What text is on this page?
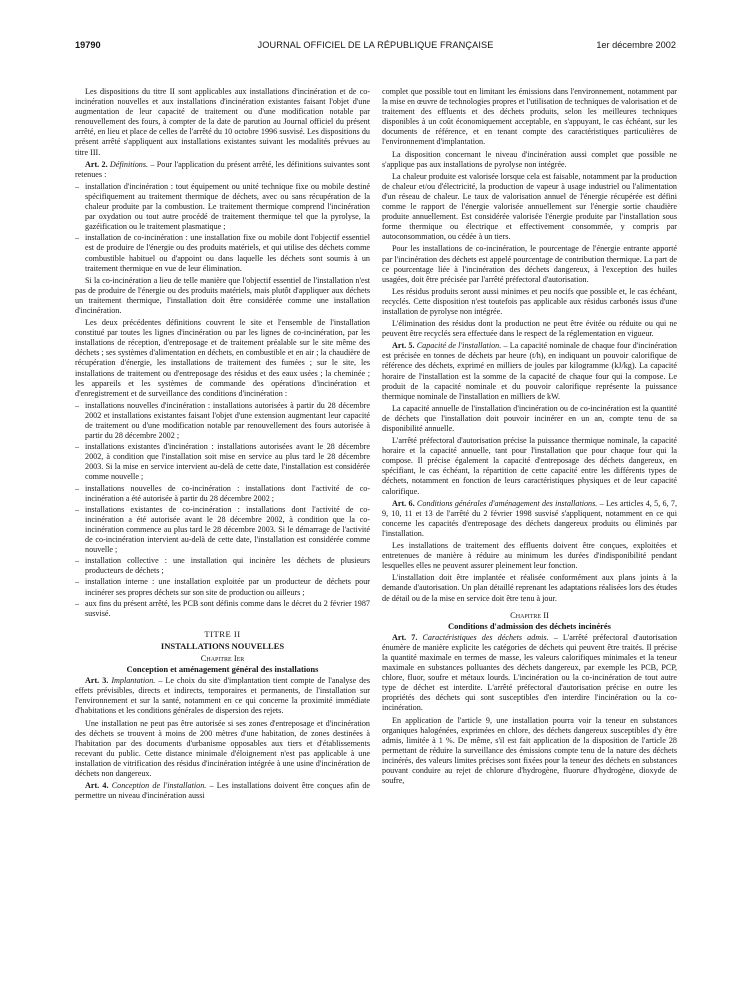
19790	JOURNAL OFFICIEL DE LA RÉPUBLIQUE FRANÇAISE	1er décembre 2002

Les dispositions du titre II sont applicables aux installations d'incinération et de co-incinération nouvelles et aux installations d'incinération existantes faisant l'objet d'une augmentation de leur capacité de traitement ou d'une modification notable par renouvellement des fours, à compter de la date de parution au Journal officiel du présent arrêté, en lieu et place de celles de l'arrêté du 10 octobre 1996 susvisé. Les dispositions du présent arrêté s'appliquent aux installations existantes suivant les modalités prévues au titre III.

Art. 2. Définitions. – Pour l'application du présent arrêté, les définitions suivantes sont retenues :

– installation d'incinération : tout équipement ou unité technique fixe ou mobile destiné spécifiquement au traitement thermique de déchets, avec ou sans récupération de la chaleur produite par la combustion. Le traitement thermique comprend l'incinération par oxydation ou tout autre procédé de traitement thermique tel que la pyrolyse, la gazéification ou le traitement plasmatique ;
– installation de co-incinération : une installation fixe ou mobile dont l'objectif essentiel est de produire de l'énergie ou des produits matériels, et qui utilise des déchets comme combustible habituel ou d'appoint ou dans laquelle les déchets sont soumis à un traitement thermique en vue de leur élimination.

Si la co-incinération a lieu de telle manière que l'objectif essentiel de l'installation n'est pas de produire de l'énergie ou des produits matériels, mais plutôt d'appliquer aux déchets un traitement thermique, l'installation doit être considérée comme une installation d'incinération.

Les deux précédentes définitions couvrent le site et l'ensemble de l'installation constitué par toutes les lignes d'incinération ou par les lignes de co-incinération, par les installations de réception, d'entreposage et de traitement préalable sur le site même des déchets ; ses systèmes d'alimentation en déchets, en combustible et en air ; la chaudière de récupération d'énergie, les installations de traitement des fumées ; sur le site, les installations de traitement ou d'entreposage des résidus et des eaux usées ; la cheminée ; les appareils et les systèmes de commande des opérations d'incinération et d'enregistrement et de surveillance des conditions d'incinération :

– installations nouvelles d'incinération : installations autorisées à partir du 28 décembre 2002 et installations existantes faisant l'objet d'une extension augmentant leur capacité de traitement ou d'une modification notable par renouvellement des fours autorisée à partir du 28 décembre 2002 ;
– installations existantes d'incinération : installations autorisées avant le 28 décembre 2002, à condition que l'installation soit mise en service au plus tard le 28 décembre 2003. Si la mise en service intervient au-delà de cette date, l'installation est considérée comme nouvelle ;
– installations nouvelles de co-incinération : installations dont l'activité de co-incinération a été autorisée à partir du 28 décembre 2002 ;
– installations existantes de co-incinération : installations dont l'activité de co-incinération a été autorisée avant le 28 décembre 2002, à condition que la co-incinération commence au plus tard le 28 décembre 2003. Si le démarrage de l'activité de co-incinération intervient au-delà de cette date, l'installation est considérée comme nouvelle ;
– installation collective : une installation qui incinère les déchets de plusieurs producteurs de déchets ;
– installation interne : une installation exploitée par un producteur de déchets pour incinérer ses propres déchets sur son site de production ou ailleurs ;
– aux fins du présent arrêté, les PCB sont définis comme dans le décret du 2 février 1987 susvisé.
TITRE II
INSTALLATIONS NOUVELLES
Chapitre Ier
Conception et aménagement général des installations

Art. 3. Implantation. – Le choix du site d'implantation tient compte de l'analyse des effets prévisibles, directs et indirects, temporaires et permanents, de l'installation sur l'environnement et sur la santé, notamment en ce qui concerne la proximité immédiate d'habitations et les conditions générales de dispersion des rejets.

Une installation ne peut pas être autorisée si ses zones d'entreposage et d'incinération des déchets se trouvent à moins de 200 mètres d'une habitation, de zones destinées à l'habitation par des documents d'urbanisme opposables aux tiers et d'établissements recevant du public. Cette distance minimale d'éloignement n'est pas applicable à une installation de vitrification des résidus d'incinération intégrée à une usine d'incinération de déchets non dangereux.

Art. 4. Conception de l'installation. – Les installations doivent être conçues afin de permettre un niveau d'incinération aussi

complet que possible tout en limitant les émissions dans l'environnement, notamment par la mise en œuvre de technologies propres et l'utilisation de techniques de valorisation et de traitement des effluents et des déchets produits, selon les meilleures techniques disponibles à un coût économiquement acceptable, en s'appuyant, le cas échéant, sur les documents de référence, et en tenant compte des caractéristiques particulières de l'environnement d'implantation.

La disposition concernant le niveau d'incinération aussi complet que possible ne s'applique pas aux installations de pyrolyse non intégrée.

La chaleur produite est valorisée lorsque cela est faisable, notamment par la production de chaleur et/ou d'électricité, la production de vapeur à usage industriel ou l'alimentation d'un réseau de chaleur. Le taux de valorisation annuel de l'énergie récupérée est défini comme le rapport de l'énergie valorisée annuellement sur l'énergie sortie chaudière produite annuellement. Est considérée valorisée l'énergie produite par l'installation sous forme thermique ou électrique et effectivement consommée, y compris par autoconsommation, ou cédée à un tiers.

Pour les installations de co-incinération, le pourcentage de l'énergie entrante apporté par l'incinération des déchets est appelé pourcentage de contribution thermique. La part de ce pourcentage liée à l'incinération des déchets dangereux, à l'exception des huiles usagées, doit être précisée par l'arrêté préfectoral d'autorisation.

Les résidus produits seront aussi minimes et peu nocifs que possible et, le cas échéant, recyclés. Cette disposition n'est toutefois pas applicable aux résidus carbonés issus d'une installation de pyrolyse non intégrée.

L'élimination des résidus dont la production ne peut être évitée ou réduite ou qui ne peuvent être recyclés sera effectuée dans le respect de la réglementation en vigueur.

Art. 5. Capacité de l'installation. – La capacité nominale de chaque four d'incinération est précisée en tonnes de déchets par heure (t/h), en indiquant un pouvoir calorifique de référence des déchets, exprimé en milliers de joules par kilogramme (kJ/kg). La capacité horaire de l'installation est la somme de la capacité de chaque four qui la compose. Le produit de la capacité nominale et du pouvoir calorifique représente la puissance thermique nominale de l'installation en milliers de kW.

La capacité annuelle de l'installation d'incinération ou de co-incinération est la quantité de déchets que l'installation doit pouvoir incinérer en un an, compte tenu de sa disponibilité annuelle.

L'arrêté préfectoral d'autorisation précise la puissance thermique nominale, la capacité horaire et la capacité annuelle, tant pour l'installation que pour chaque four qui la compose. Il précise également la capacité d'entreposage des déchets dangereux, en spécifiant, le cas échéant, la répartition de cette capacité entre les différents types de déchets, notamment en fonction de leurs caractéristiques physiques et de leur capacité calorifique.

Art. 6. Conditions générales d'aménagement des installations. – Les articles 4, 5, 6, 7, 9, 10, 11 et 13 de l'arrêté du 2 février 1998 susvisé s'appliquent, notamment en ce qui concerne les capacités d'entreposage des déchets dangereux produits ou éliminés par l'installation.

Les installations de traitement des effluents doivent être conçues, exploitées et entretenues de manière à réduire au minimum les durées d'indisponibilité pendant lesquelles elles ne peuvent assurer pleinement leur fonction.

L'installation doit être implantée et réalisée conformément aux plans joints à la demande d'autorisation. Un plan détaillé reprenant les adaptations réalisées lors des études de détail ou de la mise en service doit être tenu à jour.

Chapitre II
Conditions d'admission des déchets incinérés

Art. 7. Caractéristiques des déchets admis. – L'arrêté préfectoral d'autorisation énumère de manière explicite les catégories de déchets qui peuvent être traités. Il précise la quantité maximale en termes de masse, les valeurs calorifiques minimales et la teneur maximale en substances polluantes des déchets dangereux, par exemple les PCB, PCP, chlore, fluor, soufre et métaux lourds. L'incinération ou la co-incinération de tout autre type de déchet est interdite. L'arrêté préfectoral d'autorisation précise en outre les propriétés des déchets qui sont susceptibles d'en interdire l'incinération ou la co-incinération.

En application de l'article 9, une installation pourra voir la teneur en substances organiques halogénées, exprimées en chlore, des déchets dangereux susceptibles d'y être admis, limitée à 1 %. De même, s'il est fait application de la disposition de l'article 28 permettant de réduire la surveillance des émissions compte tenu de la nature des déchets incinérés, des valeurs limites précises sont fixées pour la teneur des déchets en substances pouvant conduire au rejet de chlorure d'hydrogène, fluorure d'hydrogène, dioxyde de soufre,
